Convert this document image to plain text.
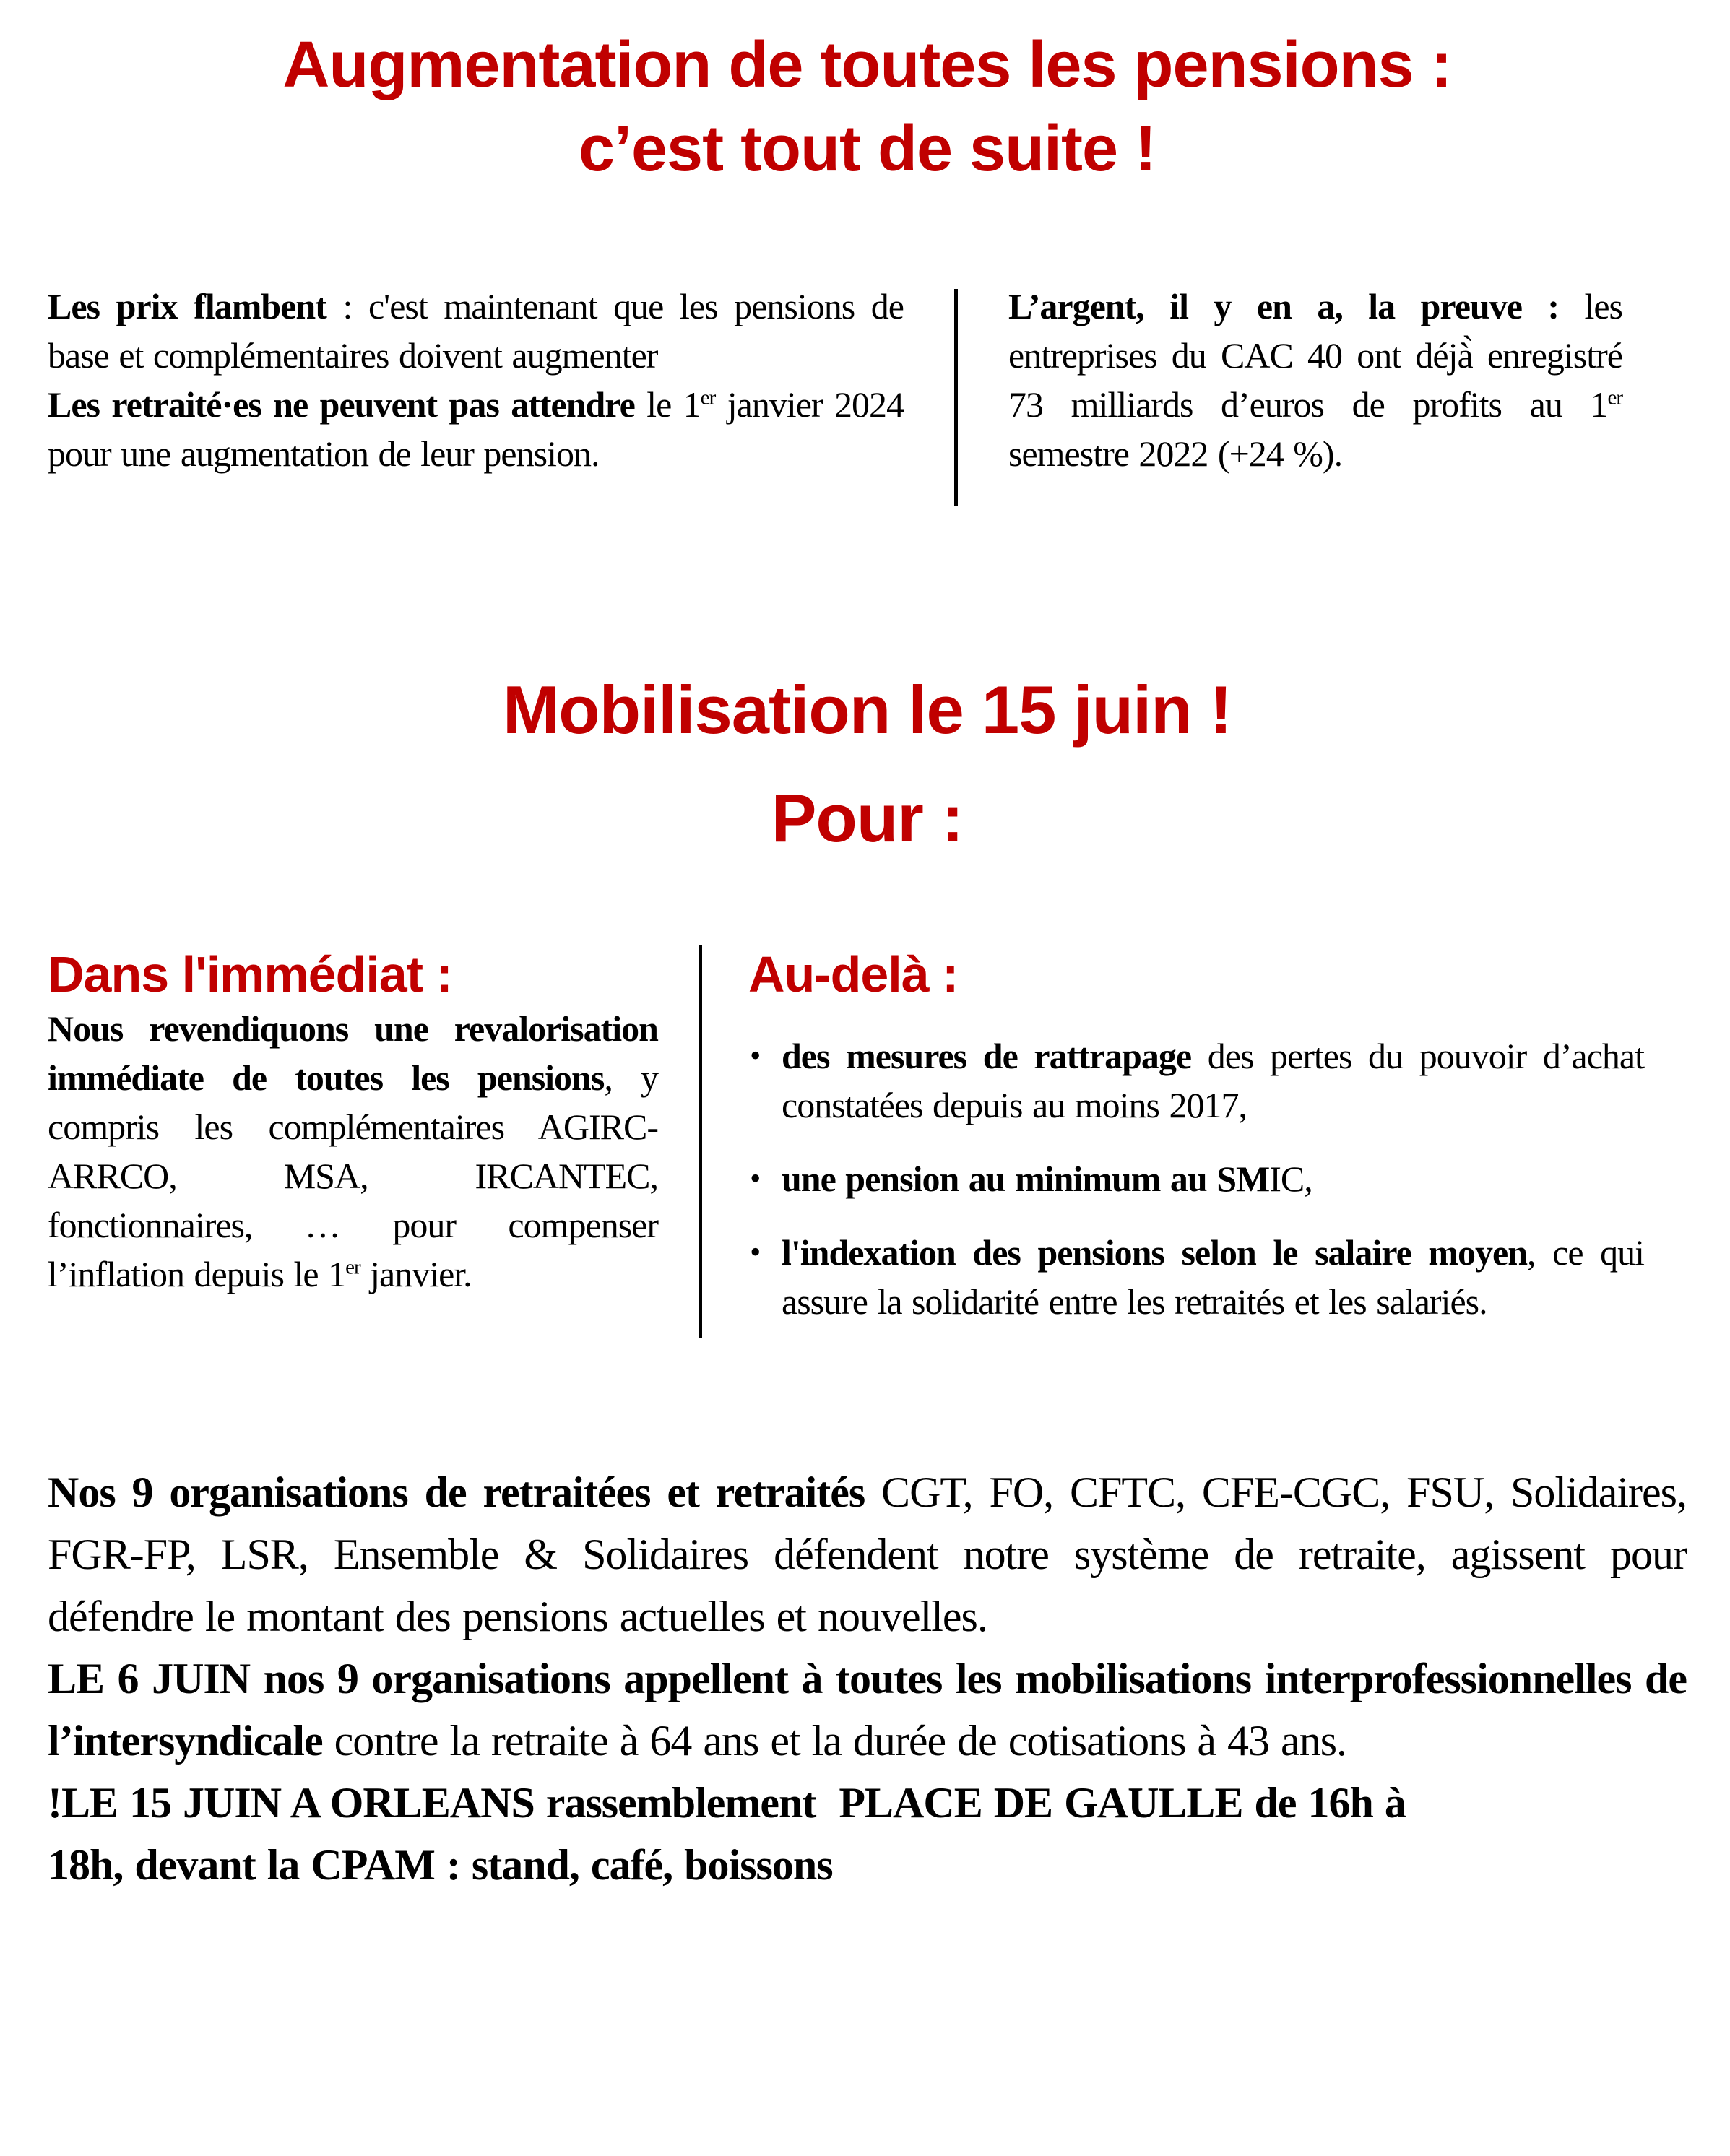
Augmentation de toutes les pensions :
c’est tout de suite !

Les prix flambent : c'est maintenant que les pensions de base et complémentaires doivent augmenter

Les retraité·es ne peuvent pas attendre le 1er janvier 2024 pour une augmentation de leur pension.

L’argent, il y en a, la preuve : les entreprises du CAC 40 ont déjà̀ enregistré 73 milliards d’euros de profits au 1er semestre 2022 (+24 %).

Mobilisation le 15 juin !
Pour :
Dans l'immédiat :

Nous revendiquons une revalorisation immédiate de toutes les pensions, y compris les complémentaires AGIRC-ARRCO, MSA, IRCANTEC, fonctionnaires, … pour compenser l’inflation depuis le 1er janvier.

Au-delà :
• des mesures de rattrapage des pertes du pouvoir d’achat constatées depuis au moins 2017,
• une pension au minimum au SMIC,
• l'indexation des pensions selon le salaire moyen, ce qui assure la solidarité entre les retraités et les salariés.

Nos 9 organisations de retraitées et retraités CGT, FO, CFTC, CFE-CGC, FSU, Solidaires, FGR-FP, LSR, Ensemble & Solidaires défendent notre système de retraite, agissent pour défendre le montant des pensions actuelles et nouvelles.

LE 6 JUIN nos 9 organisations appellent à toutes les mobilisations interprofessionnelles de l’intersyndicale contre la retraite à 64 ans et la durée de cotisations à 43 ans.

!LE 15 JUIN A ORLEANS rassemblement  PLACE DE GAULLE de 16h à
18h, devant la CPAM : stand, café, boissons
